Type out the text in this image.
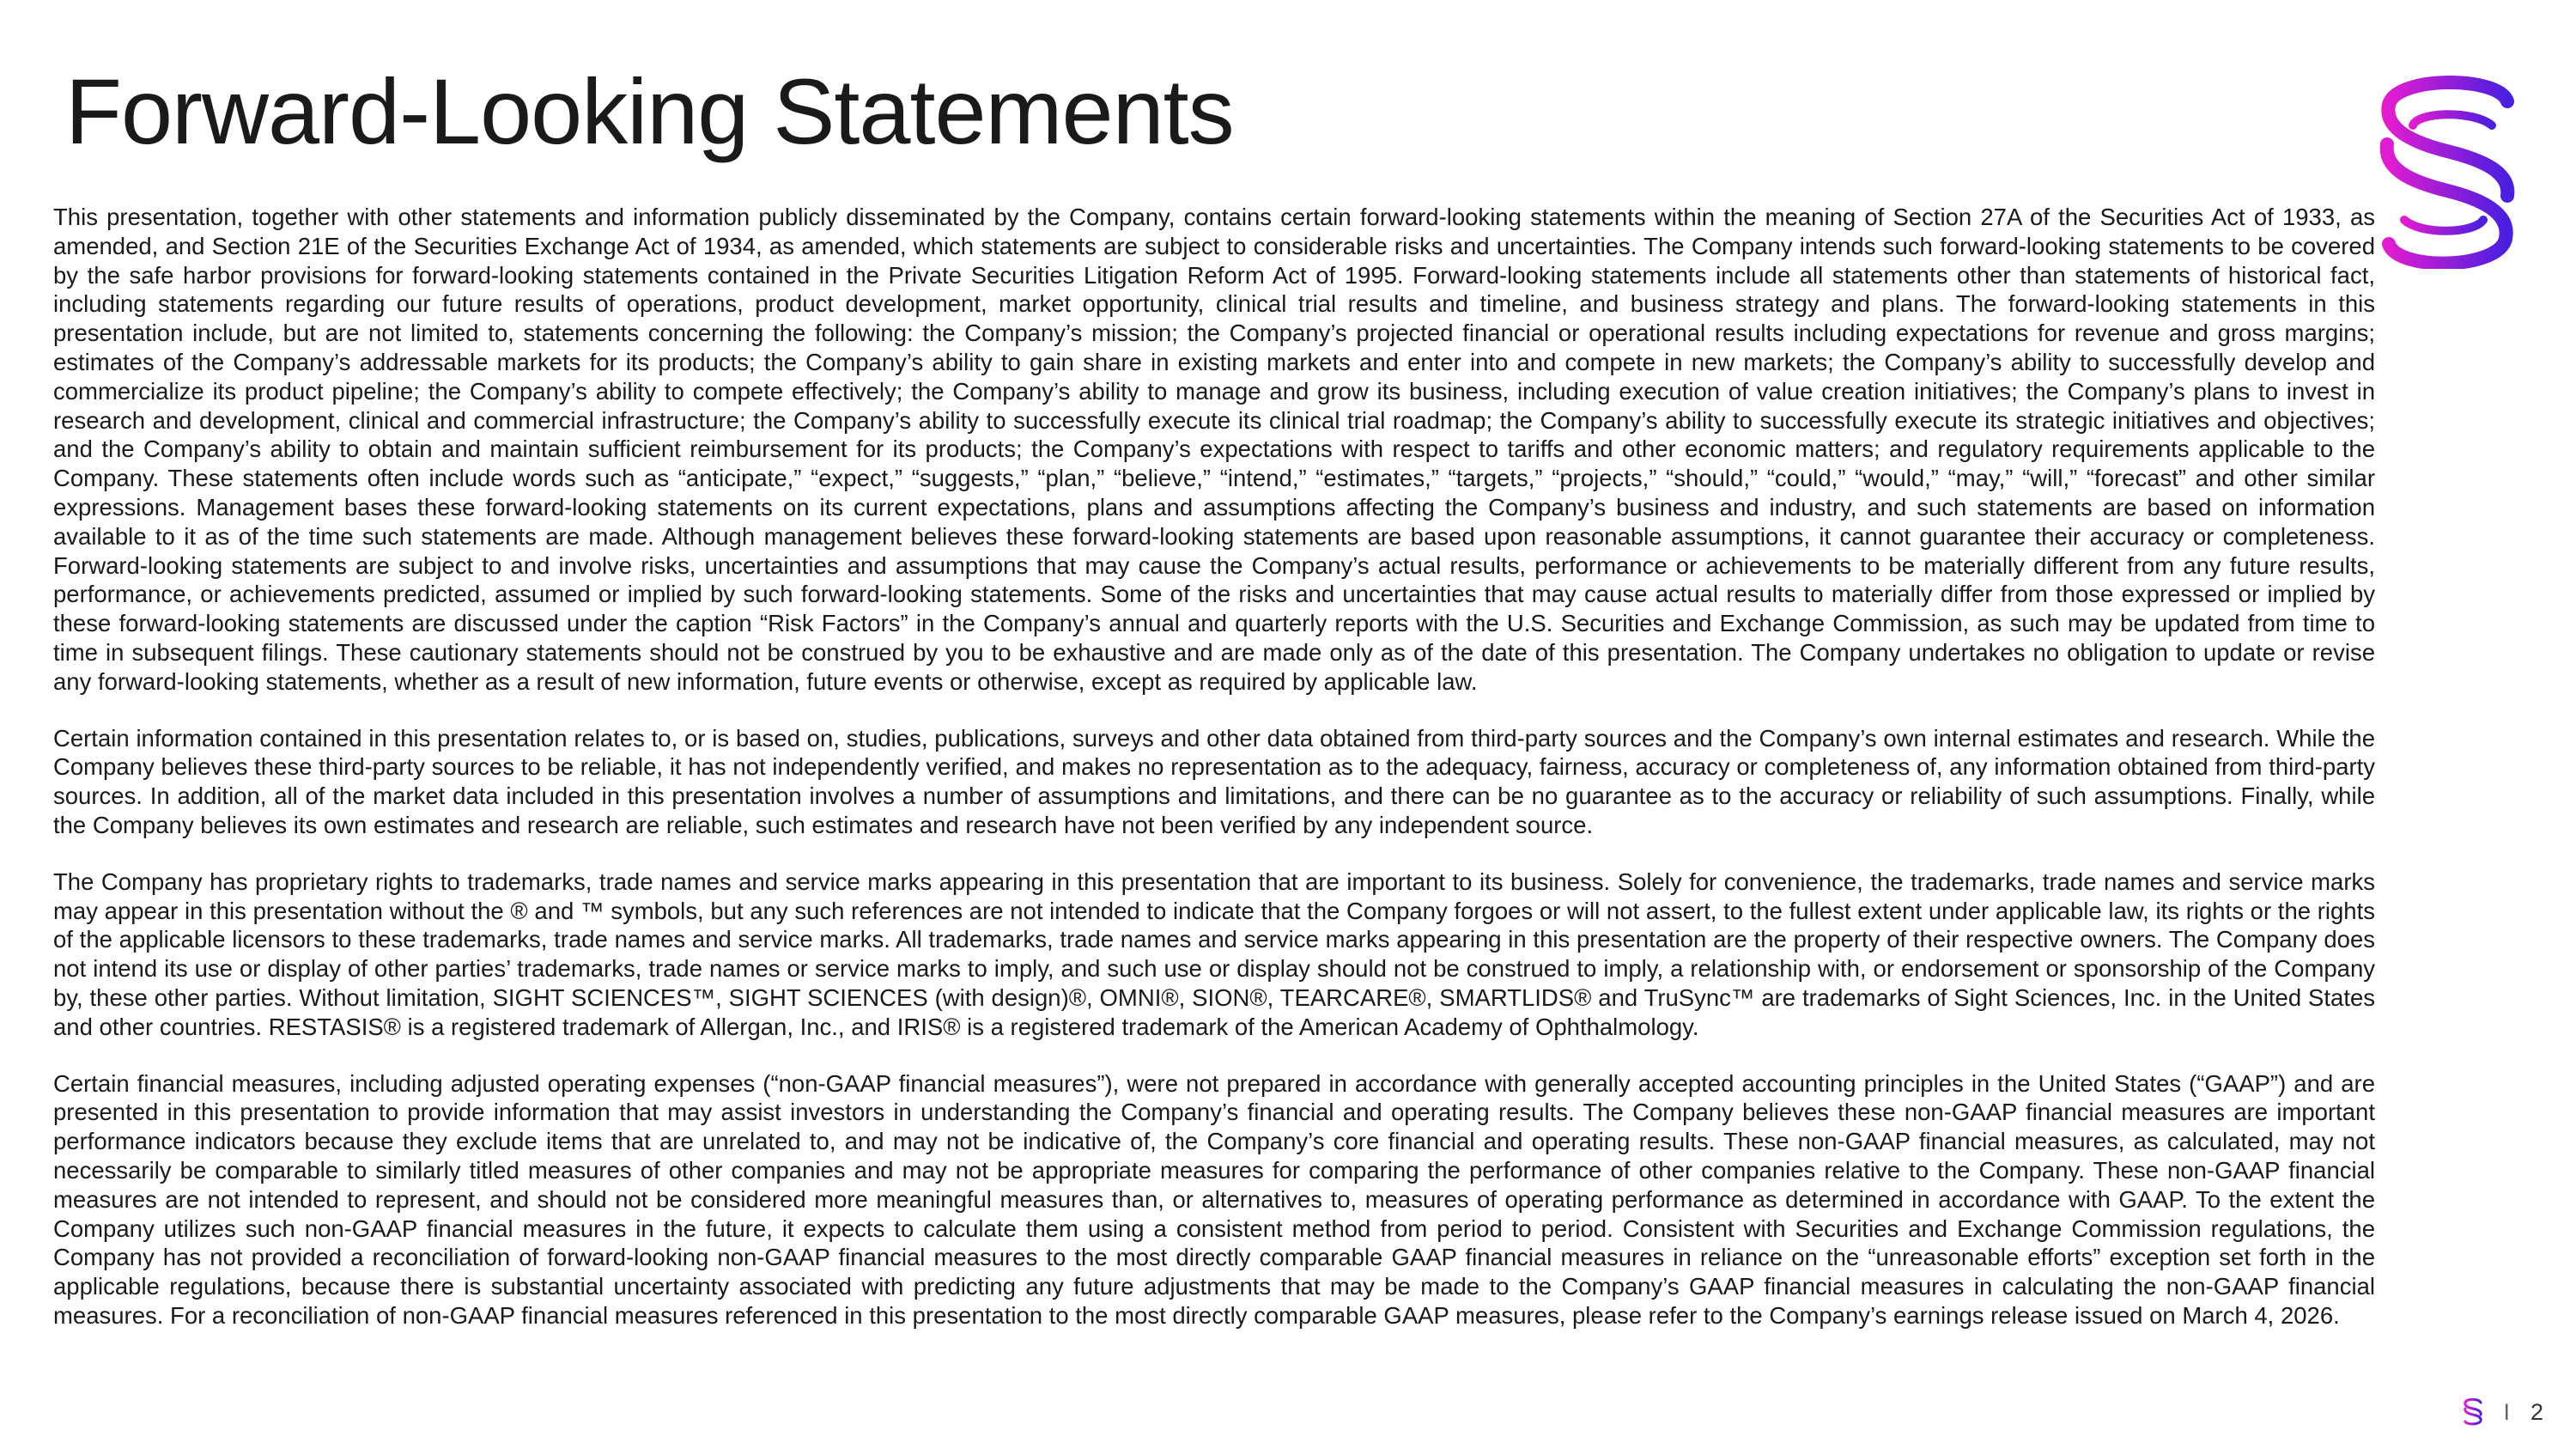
Forward-Looking Statements

This presentation, together with other statements and information publicly disseminated by the Company, contains certain forward-looking statements within the meaning of Section 27A of the Securities Act of 1933, as amended, and Section 21E of the Securities Exchange Act of 1934, as amended, which statements are subject to considerable risks and uncertainties. The Company intends such forward-looking statements to be covered by the safe harbor provisions for forward-looking statements contained in the Private Securities Litigation Reform Act of 1995. Forward-looking statements include all statements other than statements of historical fact, including statements regarding our future results of operations, product development, market opportunity, clinical trial results and timeline, and business strategy and plans. The forward-looking statements in this presentation include, but are not limited to, statements concerning the following: the Company’s mission; the Company’s projected financial or operational results including expectations for revenue and gross margins; estimates of the Company’s addressable markets for its products; the Company’s ability to gain share in existing markets and enter into and compete in new markets; the Company’s ability to successfully develop and commercialize its product pipeline; the Company’s ability to compete effectively; the Company’s ability to manage and grow its business, including execution of value creation initiatives; the Company’s plans to invest in research and development, clinical and commercial infrastructure; the Company’s ability to successfully execute its clinical trial roadmap; the Company’s ability to successfully execute its strategic initiatives and objectives; and the Company’s ability to obtain and maintain sufficient reimbursement for its products; the Company’s expectations with respect to tariffs and other economic matters; and regulatory requirements applicable to the Company. These statements often include words such as “anticipate,” “expect,” “suggests,” “plan,” “believe,” “intend,” “estimates,” “targets,” “projects,” “should,” “could,” “would,” “may,” “will,” “forecast” and other similar expressions. Management bases these forward-looking statements on its current expectations, plans and assumptions affecting the Company’s business and industry, and such statements are based on information available to it as of the time such statements are made. Although management believes these forward-looking statements are based upon reasonable assumptions, it cannot guarantee their accuracy or completeness. Forward-looking statements are subject to and involve risks, uncertainties and assumptions that may cause the Company’s actual results, performance or achievements to be materially different from any future results, performance, or achievements predicted, assumed or implied by such forward-looking statements. Some of the risks and uncertainties that may cause actual results to materially differ from those expressed or implied by these forward-looking statements are discussed under the caption “Risk Factors” in the Company’s annual and quarterly reports with the U.S. Securities and Exchange Commission, as such may be updated from time to time in subsequent filings. These cautionary statements should not be construed by you to be exhaustive and are made only as of the date of this presentation. The Company undertakes no obligation to update or revise any forward-looking statements, whether as a result of new information, future events or otherwise, except as required by applicable law.

Certain information contained in this presentation relates to, or is based on, studies, publications, surveys and other data obtained from third-party sources and the Company’s own internal estimates and research. While the Company believes these third-party sources to be reliable, it has not independently verified, and makes no representation as to the adequacy, fairness, accuracy or completeness of, any information obtained from third-party sources. In addition, all of the market data included in this presentation involves a number of assumptions and limitations, and there can be no guarantee as to the accuracy or reliability of such assumptions. Finally, while the Company believes its own estimates and research are reliable, such estimates and research have not been verified by any independent source.

The Company has proprietary rights to trademarks, trade names and service marks appearing in this presentation that are important to its business. Solely for convenience, the trademarks, trade names and service marks may appear in this presentation without the ® and ™ symbols, but any such references are not intended to indicate that the Company forgoes or will not assert, to the fullest extent under applicable law, its rights or the rights of the applicable licensors to these trademarks, trade names and service marks. All trademarks, trade names and service marks appearing in this presentation are the property of their respective owners. The Company does not intend its use or display of other parties’ trademarks, trade names or service marks to imply, and such use or display should not be construed to imply, a relationship with, or endorsement or sponsorship of the Company by, these other parties. Without limitation, SIGHT SCIENCES™, SIGHT SCIENCES (with design)®, OMNI®, SION®, TEARCARE®, SMARTLIDS® and TruSync™ are trademarks of Sight Sciences, Inc. in the United States and other countries. RESTASIS® is a registered trademark of Allergan, Inc., and IRIS® is a registered trademark of the American Academy of Ophthalmology.

Certain financial measures, including adjusted operating expenses (“non-GAAP financial measures”), were not prepared in accordance with generally accepted accounting principles in the United States (“GAAP”) and are presented in this presentation to provide information that may assist investors in understanding the Company’s financial and operating results. The Company believes these non-GAAP financial measures are important performance indicators because they exclude items that are unrelated to, and may not be indicative of, the Company’s core financial and operating results. These non-GAAP financial measures, as calculated, may not necessarily be comparable to similarly titled measures of other companies and may not be appropriate measures for comparing the performance of other companies relative to the Company. These non-GAAP financial measures are not intended to represent, and should not be considered more meaningful measures than, or alternatives to, measures of operating performance as determined in accordance with GAAP. To the extent the Company utilizes such non-GAAP financial measures in the future, it expects to calculate them using a consistent method from period to period. Consistent with Securities and Exchange Commission regulations, the Company has not provided a reconciliation of forward-looking non-GAAP financial measures to the most directly comparable GAAP financial measures in reliance on the “unreasonable efforts” exception set forth in the applicable regulations, because there is substantial uncertainty associated with predicting any future adjustments that may be made to the Company’s GAAP financial measures in calculating the non-GAAP financial measures. For a reconciliation of non-GAAP financial measures referenced in this presentation to the most directly comparable GAAP measures, please refer to the Company’s earnings release issued on March 4, 2026.

I 2
